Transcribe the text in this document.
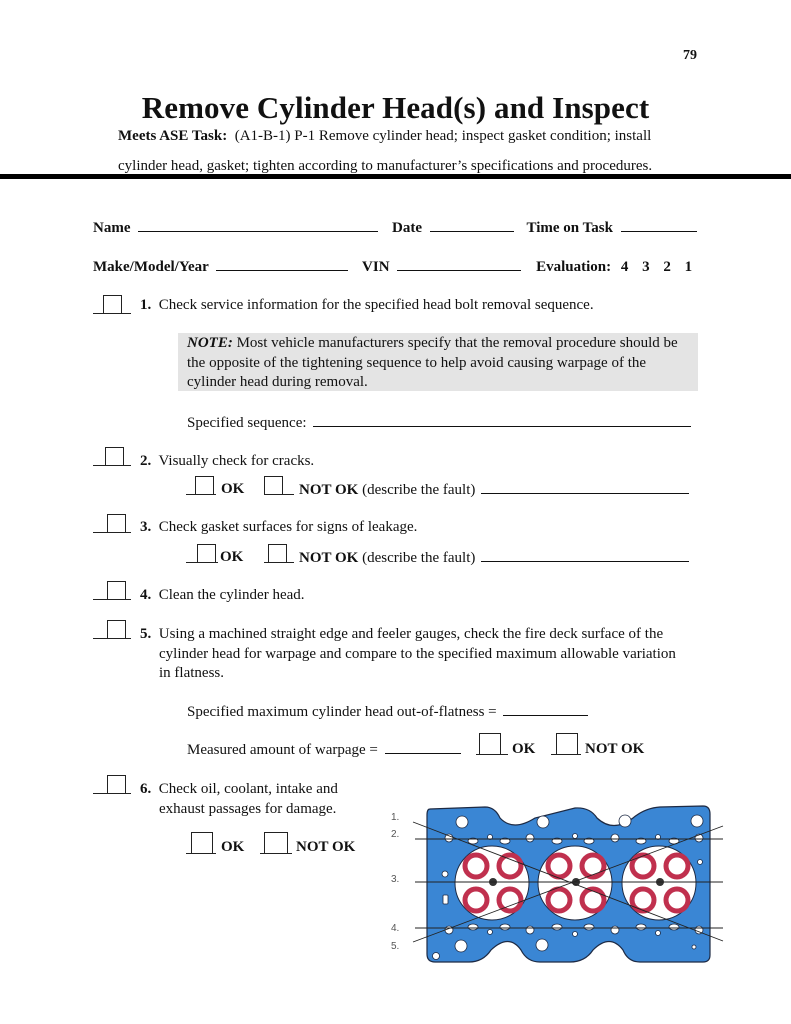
79
Remove Cylinder Head(s) and Inspect
Meets ASE Task: (A1-B-1) P-1 Remove cylinder head; inspect gasket condition; install
cylinder head, gasket; tighten according to manufacturer’s specifications and procedures.
Name	Date	Time on Task
Make/Model/Year	VIN	Evaluation: 4 3 2 1
1. Check service information for the specified head bolt removal sequence.
NOTE: Most vehicle manufacturers specify that the removal procedure should be
the opposite of the tightening sequence to help avoid causing warpage of the
cylinder head during removal.
Specified sequence:
2. Visually check for cracks.
OK	NOT OK (describe the fault)
3. Check gasket surfaces for signs of leakage.
OK	NOT OK (describe the fault)
4. Clean the cylinder head.
5. Using a machined straight edge and feeler gauges, check the fire deck surface of the
cylinder head for warpage and compare to the specified maximum allowable variation
in flatness.
Specified maximum cylinder head out-of-flatness =
Measured amount of warpage =	OK	NOT OK
6. Check oil, coolant, intake and
exhaust passages for damage.
OK	NOT OK
1.
2.
3.
4.
5.
